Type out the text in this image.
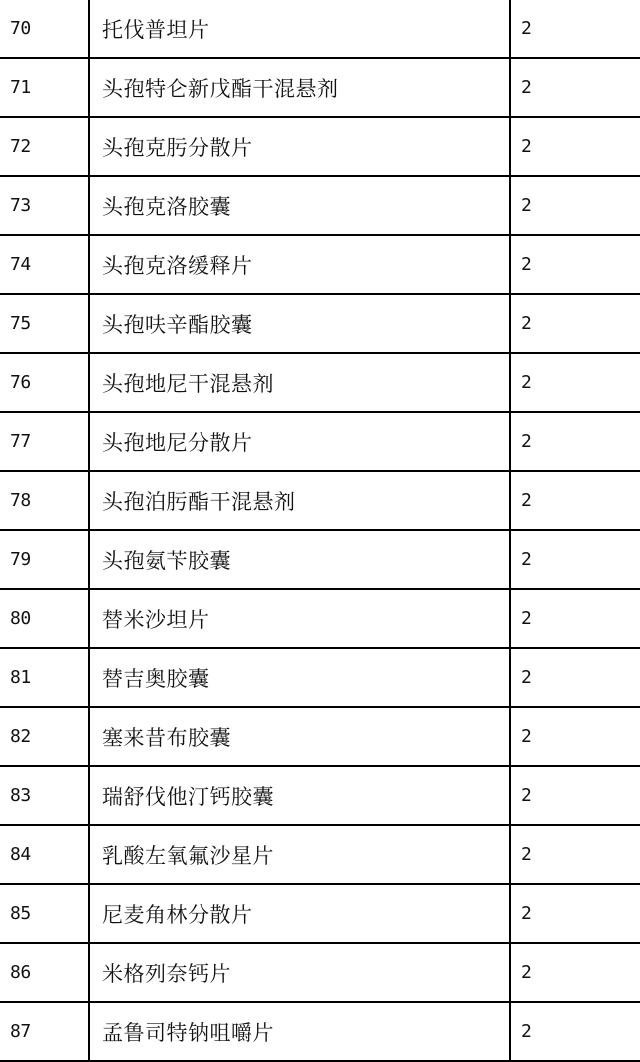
70	托伐普坦片	2
71	头孢特仑新戊酯干混悬剂	2
72	头孢克肟分散片	2
73	头孢克洛胶囊	2
74	头孢克洛缓释片	2
75	头孢呋辛酯胶囊	2
76	头孢地尼干混悬剂	2
77	头孢地尼分散片	2
78	头孢泊肟酯干混悬剂	2
79	头孢氨苄胶囊	2
80	替米沙坦片	2
81	替吉奥胶囊	2
82	塞来昔布胶囊	2
83	瑞舒伐他汀钙胶囊	2
84	乳酸左氧氟沙星片	2
85	尼麦角林分散片	2
86	米格列奈钙片	2
87	孟鲁司特钠咀嚼片	2
